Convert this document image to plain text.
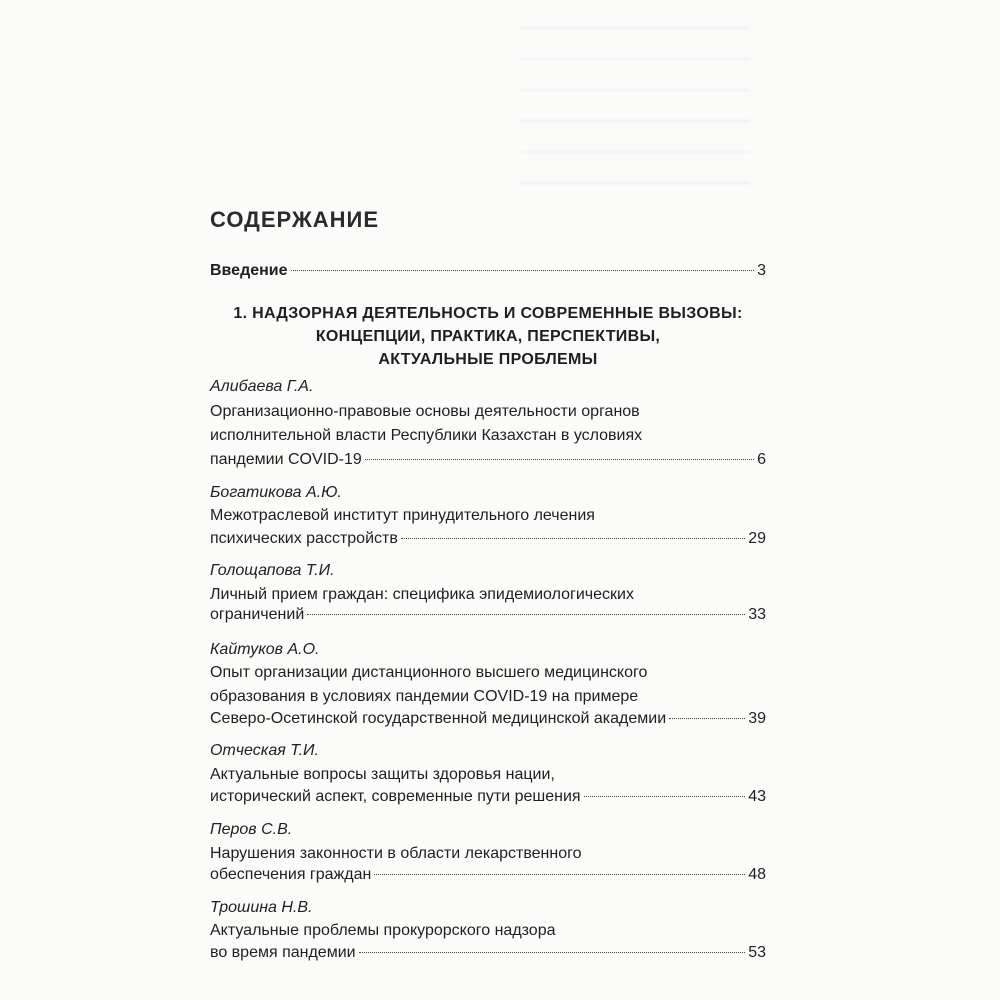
СОДЕРЖАНИЕ
Введение	3
1. НАДЗОРНАЯ ДЕЯТЕЛЬНОСТЬ И СОВРЕМЕННЫЕ ВЫЗОВЫ:
КОНЦЕПЦИИ, ПРАКТИКА, ПЕРСПЕКТИВЫ,
АКТУАЛЬНЫЕ ПРОБЛЕМЫ
Алибаева Г.А.
Организационно-правовые основы деятельности органов
исполнительной власти Республики Казахстан в условиях
пандемии COVID-19	6
Богатикова А.Ю.
Межотраслевой институт принудительного лечения
психических расстройств	29
Голощапова Т.И.
Личный прием граждан: специфика эпидемиологических
ограничений	33
Кайтуков А.О.
Опыт организации дистанционного высшего медицинского
образования в условиях пандемии COVID-19 на примере
Северо-Осетинской государственной медицинской академии	39
Отческая Т.И.
Актуальные вопросы защиты здоровья нации,
исторический аспект, современные пути решения	43
Перов С.В.
Нарушения законности в области лекарственного
обеспечения граждан	48
Трошина Н.В.
Актуальные проблемы прокурорского надзора
во время пандемии	53
